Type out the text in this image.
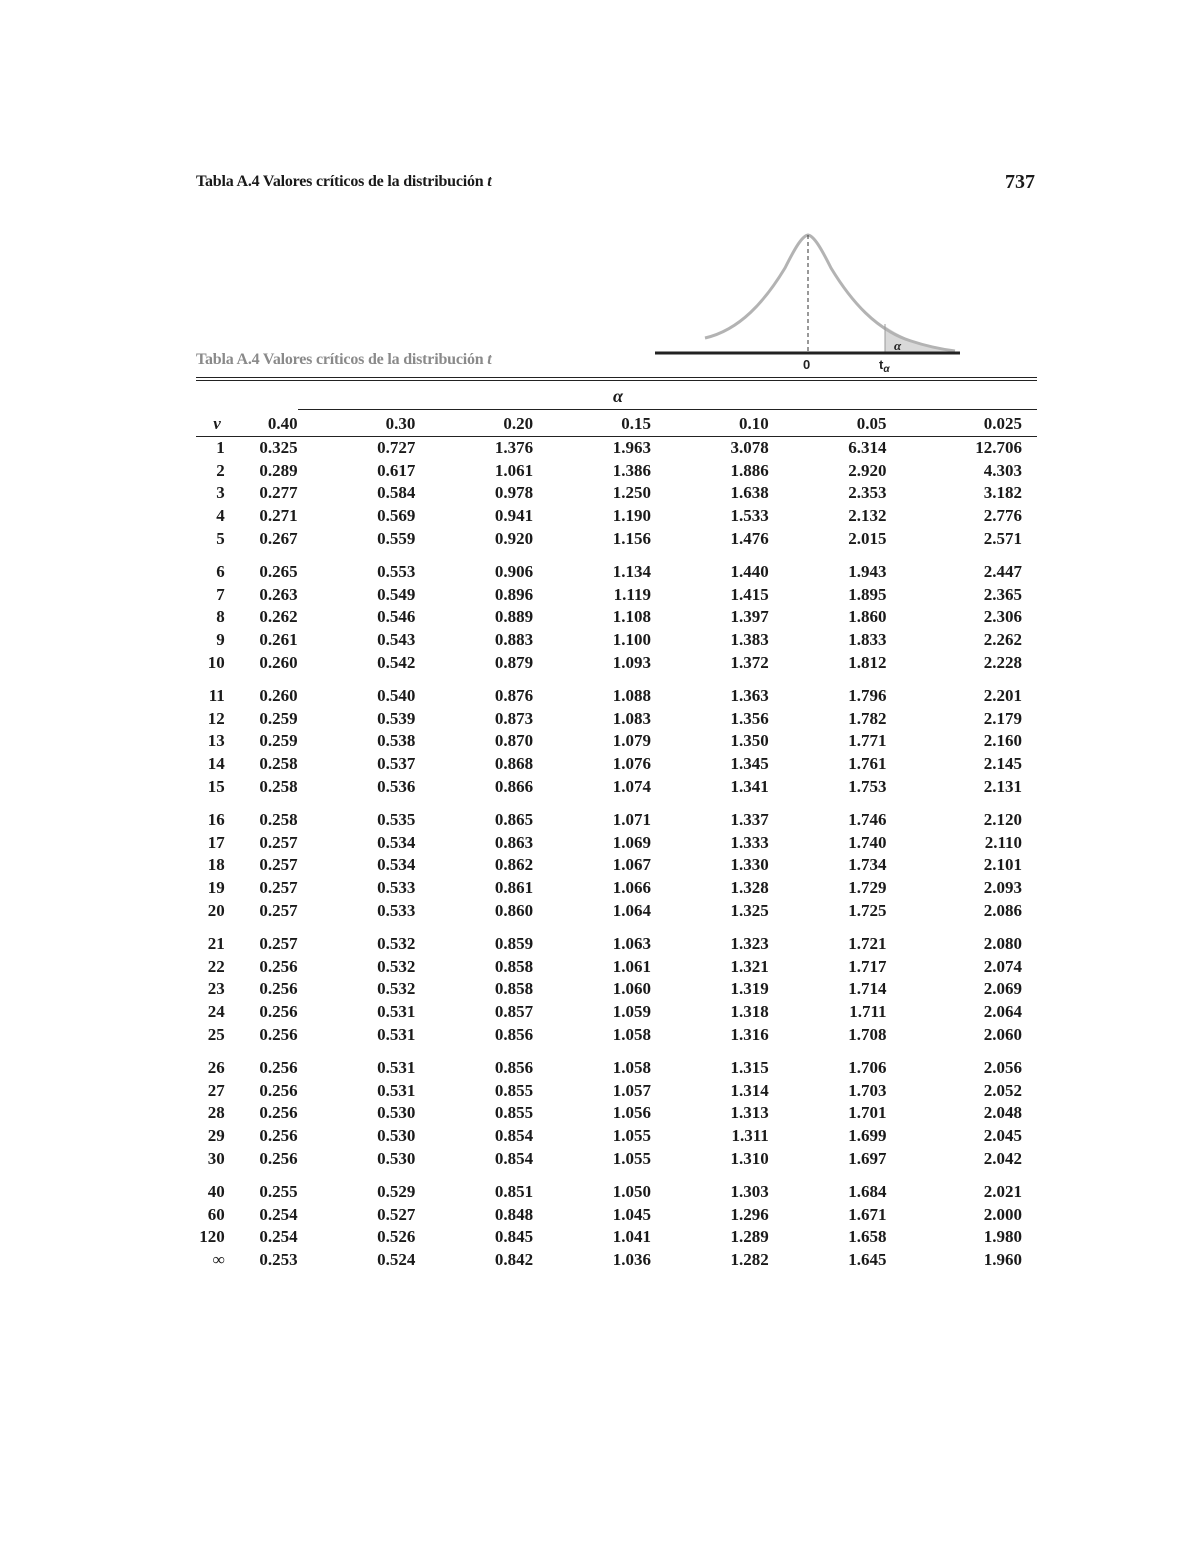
Tabla A.4 Valores críticos de la distribución t	737
α
0	$t_\alpha$
Tabla A.4 Valores críticos de la distribución t
α
v	0.40	0.30	0.20	0.15	0.10	0.05	0.025
1	0.325	0.727	1.376	1.963	3.078	6.314	12.706
2	0.289	0.617	1.061	1.386	1.886	2.920	4.303
3	0.277	0.584	0.978	1.250	1.638	2.353	3.182
4	0.271	0.569	0.941	1.190	1.533	2.132	2.776
5	0.267	0.559	0.920	1.156	1.476	2.015	2.571
6	0.265	0.553	0.906	1.134	1.440	1.943	2.447
7	0.263	0.549	0.896	1.119	1.415	1.895	2.365
8	0.262	0.546	0.889	1.108	1.397	1.860	2.306
9	0.261	0.543	0.883	1.100	1.383	1.833	2.262
10	0.260	0.542	0.879	1.093	1.372	1.812	2.228
11	0.260	0.540	0.876	1.088	1.363	1.796	2.201
12	0.259	0.539	0.873	1.083	1.356	1.782	2.179
13	0.259	0.538	0.870	1.079	1.350	1.771	2.160
14	0.258	0.537	0.868	1.076	1.345	1.761	2.145
15	0.258	0.536	0.866	1.074	1.341	1.753	2.131
16	0.258	0.535	0.865	1.071	1.337	1.746	2.120
17	0.257	0.534	0.863	1.069	1.333	1.740	2.110
18	0.257	0.534	0.862	1.067	1.330	1.734	2.101
19	0.257	0.533	0.861	1.066	1.328	1.729	2.093
20	0.257	0.533	0.860	1.064	1.325	1.725	2.086
21	0.257	0.532	0.859	1.063	1.323	1.721	2.080
22	0.256	0.532	0.858	1.061	1.321	1.717	2.074
23	0.256	0.532	0.858	1.060	1.319	1.714	2.069
24	0.256	0.531	0.857	1.059	1.318	1.711	2.064
25	0.256	0.531	0.856	1.058	1.316	1.708	2.060
26	0.256	0.531	0.856	1.058	1.315	1.706	2.056
27	0.256	0.531	0.855	1.057	1.314	1.703	2.052
28	0.256	0.530	0.855	1.056	1.313	1.701	2.048
29	0.256	0.530	0.854	1.055	1.311	1.699	2.045
30	0.256	0.530	0.854	1.055	1.310	1.697	2.042
40	0.255	0.529	0.851	1.050	1.303	1.684	2.021
60	0.254	0.527	0.848	1.045	1.296	1.671	2.000
120	0.254	0.526	0.845	1.041	1.289	1.658	1.980
∞	0.253	0.524	0.842	1.036	1.282	1.645	1.960
